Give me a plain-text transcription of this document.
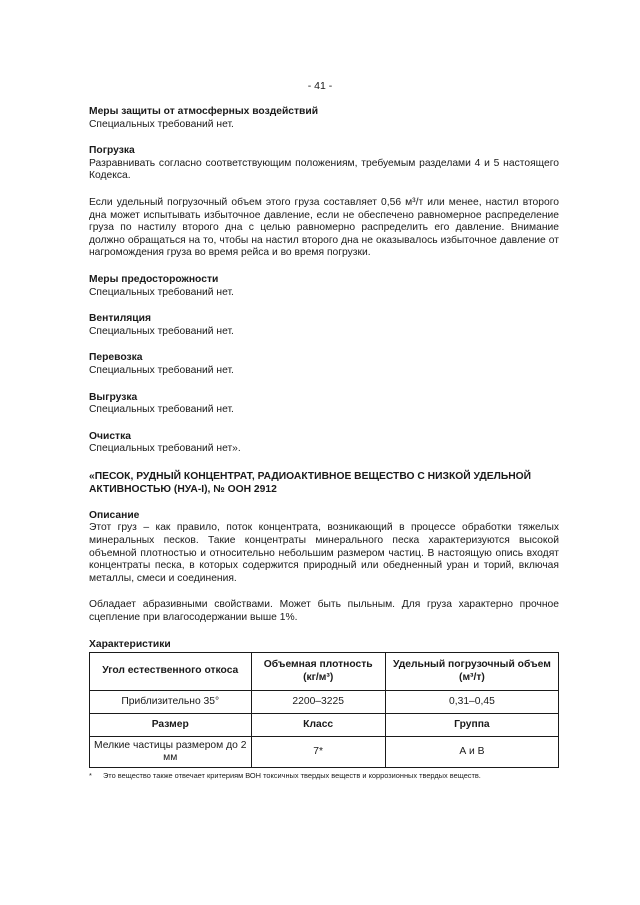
- 41 -

Меры защиты от атмосферных воздействий

Специальных требований нет.

Погрузка

Разравнивать согласно соответствующим положениям, требуемым разделами 4 и 5 настоящего Кодекса.

Если удельный погрузочный объем этого груза составляет 0,56 м³/т или менее, настил второго дна может испытывать избыточное давление, если не обеспечено равномерное распределение груза по настилу второго дна с целью равномерно распределить его давление. Внимание должно обращаться на то, чтобы на настил второго дна не оказывалось избыточное давление от нагромождения груза во время рейса и во время погрузки.

Меры предосторожности

Специальных требований нет.

Вентиляция

Специальных требований нет.

Перевозка

Специальных требований нет.

Выгрузка

Специальных требований нет.

Очистка

Специальных требований нет».

«ПЕСОК, РУДНЫЙ КОНЦЕНТРАТ, РАДИОАКТИВНОЕ ВЕЩЕСТВО С НИЗКОЙ УДЕЛЬНОЙ АКТИВНОСТЬЮ (НУА-I), № ООН 2912

Описание

Этот груз – как правило, поток концентрата, возникающий в процессе обработки тяжелых минеральных песков. Такие концентраты минерального песка характеризуются высокой объемной плотностью и относительно небольшим размером частиц. В настоящую опись входят концентраты песка, в которых содержится природный или обедненный уран и торий, включая металлы, смеси и соединения.

Обладает абразивными свойствами. Может быть пыльным. Для груза характерно прочное сцепление при влагосодержании выше 1%.

Характеристики

Угол естественного откоса	Объемная плотность (кг/м³)	Удельный погрузочный объем (м³/т)
Приблизительно 35°	2200–3225	0,31–0,45
Размер	Класс	Группа
Мелкие частицы размером до 2 мм	7*	А и В
*	Это вещество также отвечает критериям ВОН токсичных твердых веществ и коррозионных твердых веществ.
